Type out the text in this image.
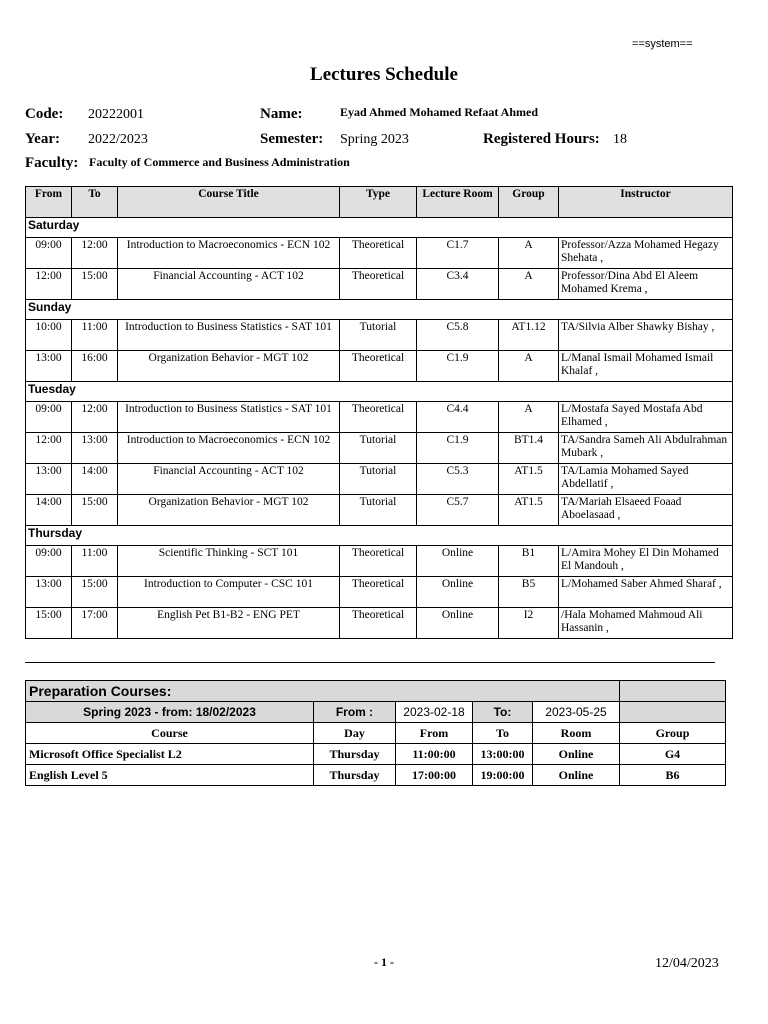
==system==
Lectures Schedule
Code: 20222001	Name:	Eyad Ahmed Mohamed Refaat Ahmed
Year: 2022/2023	Semester: Spring 2023	Registered Hours: 18
Faculty: Faculty of Commerce and Business Administration
From	To	Course Title	Type	Lecture Room	Group	Instructor
Saturday						
09:00	12:00	Introduction to Macroeconomics - ECN 102	Theoretical	C1.7	A	Professor/Azza Mohamed Hegazy Shehata ,
12:00	15:00	Financial Accounting - ACT 102	Theoretical	C3.4	A	Professor/Dina Abd El Aleem Mohamed Krema ,
Sunday						
10:00	11:00	Introduction to Business Statistics - SAT 101	Tutorial	C5.8	AT1.12	TA/Silvia Alber Shawky Bishay ,
13:00	16:00	Organization Behavior - MGT 102	Theoretical	C1.9	A	L/Manal Ismail Mohamed Ismail Khalaf ,
Tuesday						
09:00	12:00	Introduction to Business Statistics - SAT 101	Theoretical	C4.4	A	L/Mostafa Sayed Mostafa Abd Elhamed ,
12:00	13:00	Introduction to Macroeconomics - ECN 102	Tutorial	C1.9	BT1.4	TA/Sandra Sameh Ali Abdulrahman Mubark ,
13:00	14:00	Financial Accounting - ACT 102	Tutorial	C5.3	AT1.5	TA/Lamia Mohamed Sayed Abdellatif ,
14:00	15:00	Organization Behavior - MGT 102	Tutorial	C5.7	AT1.5	TA/Mariah Elsaeed Foaad Aboelasaad ,
Thursday						
09:00	11:00	Scientific Thinking - SCT 101	Theoretical	Online	B1	L/Amira Mohey El Din Mohamed El Mandouh ,
13:00	15:00	Introduction to Computer - CSC 101	Theoretical	Online	B5	L/Mohamed Saber Ahmed Sharaf ,
15:00	17:00	English Pet B1-B2 - ENG PET	Theoretical	Online	I2	/Hala Mohamed Mahmoud Ali Hassanin ,
Preparation Courses:					
Spring 2023 - from: 18/02/2023	From :	2023-02-18	To:	2023-05-25	
Course	Day	From	To	Room	Group
Microsoft Office Specialist L2	Thursday	11:00:00	13:00:00	Online	G4
English Level 5	Thursday	17:00:00	19:00:00	Online	B6
- 1 -	12/04/2023
